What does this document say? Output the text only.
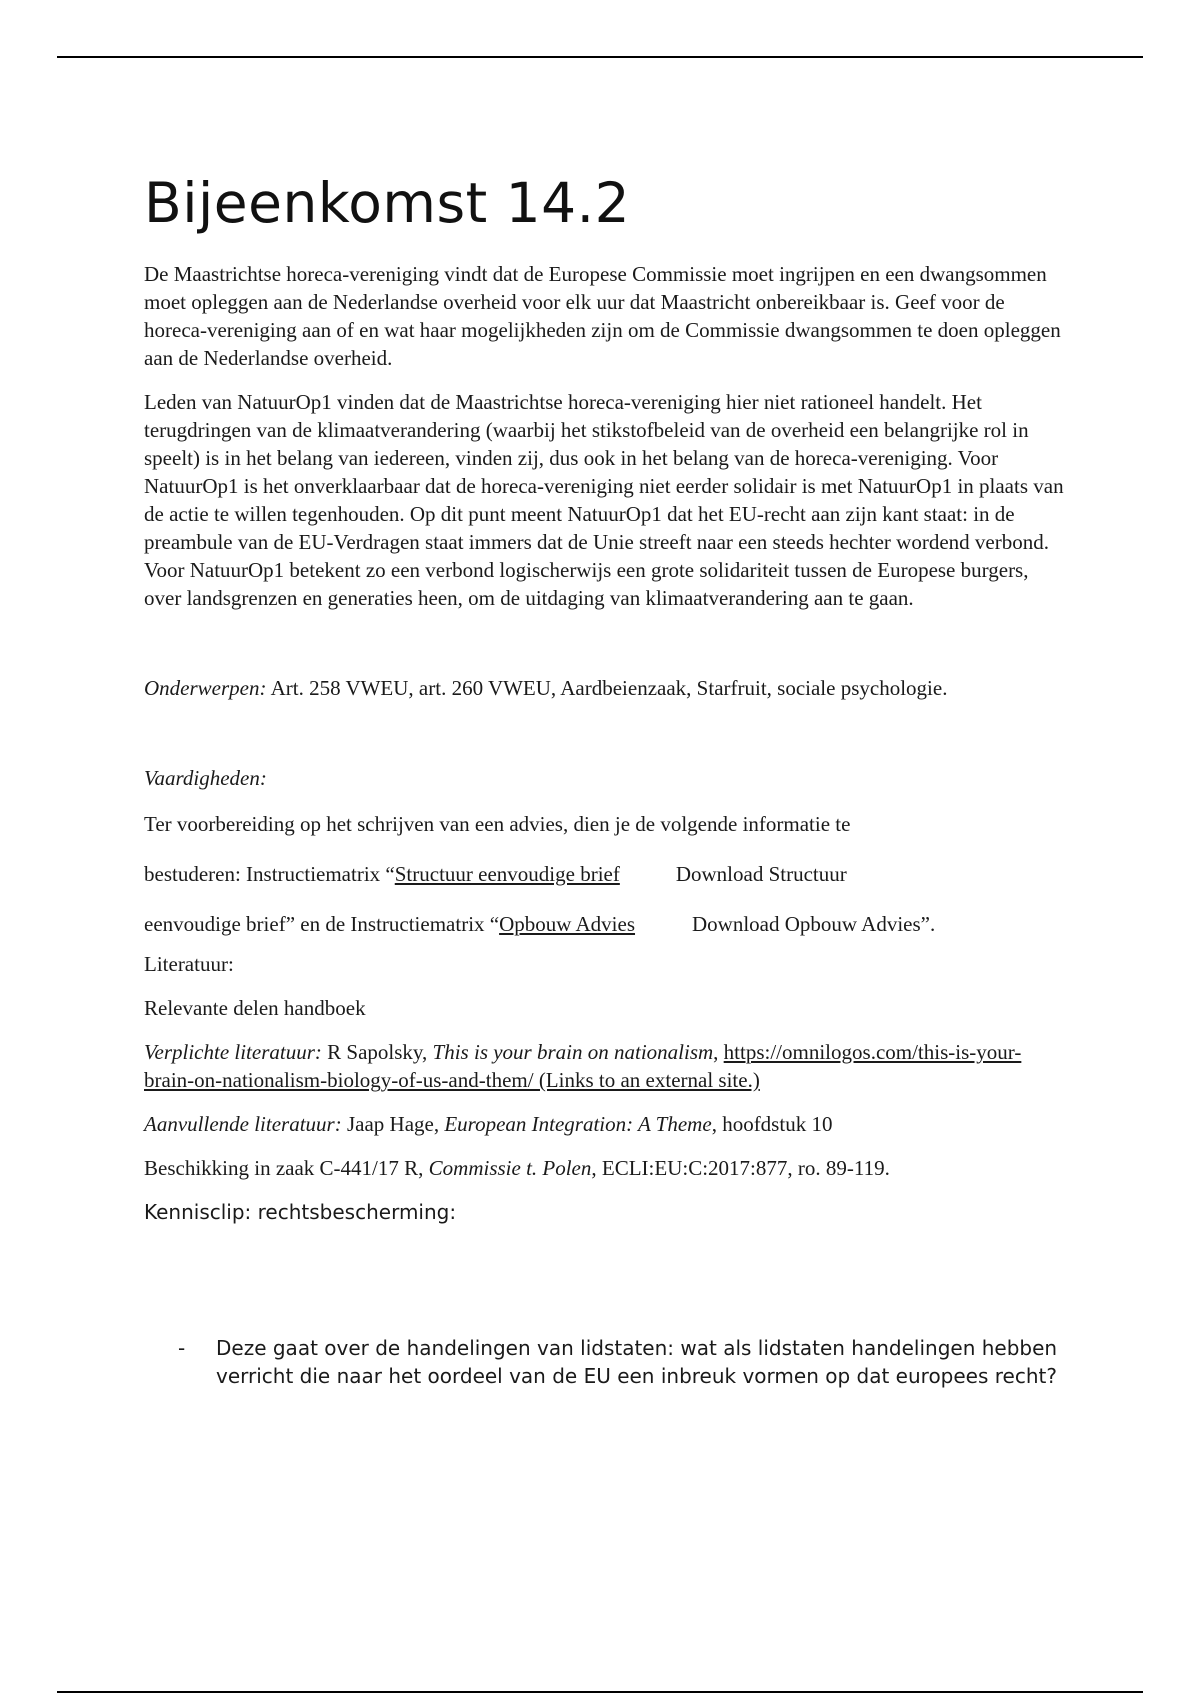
Bijeenkomst 14.2

De Maastrichtse horeca-vereniging vindt dat de Europese Commissie moet ingrijpen en een dwangsommen moet opleggen aan de Nederlandse overheid voor elk uur dat Maastricht onbereikbaar is. Geef voor de horeca-vereniging aan of en wat haar mogelijkheden zijn om de Commissie dwangsommen te doen opleggen aan de Nederlandse overheid.

Leden van NatuurOp1 vinden dat de Maastrichtse horeca-vereniging hier niet rationeel handelt. Het terugdringen van de klimaatverandering (waarbij het stikstofbeleid van de overheid een belangrijke rol in speelt) is in het belang van iedereen, vinden zij, dus ook in het belang van de horeca-vereniging. Voor NatuurOp1 is het onverklaarbaar dat de horeca-vereniging niet eerder solidair is met NatuurOp1 in plaats van de actie te willen tegenhouden. Op dit punt meent NatuurOp1 dat het EU-recht aan zijn kant staat: in de preambule van de EU-Verdragen staat immers dat de Unie streeft naar een steeds hechter wordend verbond. Voor NatuurOp1 betekent zo een verbond logischerwijs een grote solidariteit tussen de Europese burgers, over landsgrenzen en generaties heen, om de uitdaging van klimaatverandering aan te gaan.

Onderwerpen: Art. 258 VWEU, art. 260 VWEU, Aardbeienzaak, Starfruit, sociale psychologie.

Vaardigheden:

Ter voorbereiding op het schrijven van een advies, dien je de volgende informatie te

bestuderen: Instructiematrix “Structuur eenvoudige brief	Download Structuur

eenvoudige brief” en de Instructiematrix “Opbouw Advies	Download Opbouw Advies”.

Literatuur:

Relevante delen handboek

Verplichte literatuur: R Sapolsky, This is your brain on nationalism, https://omnilogos.com/this-is-your-brain-on-nationalism-biology-of-us-and-them/ (Links to an external site.)

Aanvullende literatuur: Jaap Hage, European Integration: A Theme, hoofdstuk 10

Beschikking in zaak C-441/17 R, Commissie t. Polen, ECLI:EU:C:2017:877, ro. 89-119.

Kennisclip: rechtsbescherming:

-	Deze gaat over de handelingen van lidstaten: wat als lidstaten handelingen hebben verricht die naar het oordeel van de EU een inbreuk vormen op dat europees recht?
